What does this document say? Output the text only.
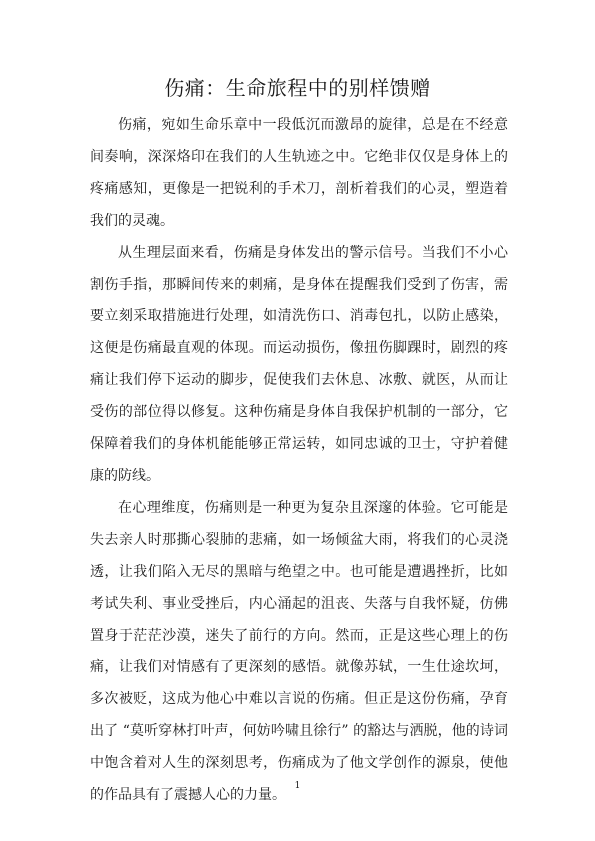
伤痛：生命旅程中的别样馈赠

伤痛，宛如生命乐章中一段低沉而激昂的旋律，总是在不经意间奏响，深深烙印在我们的人生轨迹之中。它绝非仅仅是身体上的疼痛感知，更像是一把锐利的手术刀，剖析着我们的心灵，塑造着我们的灵魂。

从生理层面来看，伤痛是身体发出的警示信号。当我们不小心割伤手指，那瞬间传来的刺痛，是身体在提醒我们受到了伤害，需要立刻采取措施进行处理，如清洗伤口、消毒包扎，以防止感染，这便是伤痛最直观的体现。而运动损伤，像扭伤脚踝时，剧烈的疼痛让我们停下运动的脚步，促使我们去休息、冰敷、就医，从而让受伤的部位得以修复。这种伤痛是身体自我保护机制的一部分，它保障着我们的身体机能能够正常运转，如同忠诚的卫士，守护着健康的防线。

在心理维度，伤痛则是一种更为复杂且深邃的体验。它可能是失去亲人时那撕心裂肺的悲痛，如一场倾盆大雨，将我们的心灵浇透，让我们陷入无尽的黑暗与绝望之中。也可能是遭遇挫折，比如考试失利、事业受挫后，内心涌起的沮丧、失落与自我怀疑，仿佛置身于茫茫沙漠，迷失了前行的方向。然而，正是这些心理上的伤痛，让我们对情感有了更深刻的感悟。就像苏轼，一生仕途坎坷，多次被贬，这成为他心中难以言说的伤痛。但正是这份伤痛，孕育出了 “莫听穿林打叶声，何妨吟啸且徐行” 的豁达与洒脱，他的诗词中饱含着对人生的深刻思考，伤痛成为了他文学创作的源泉，使他的作品具有了震撼人心的力量。

1
